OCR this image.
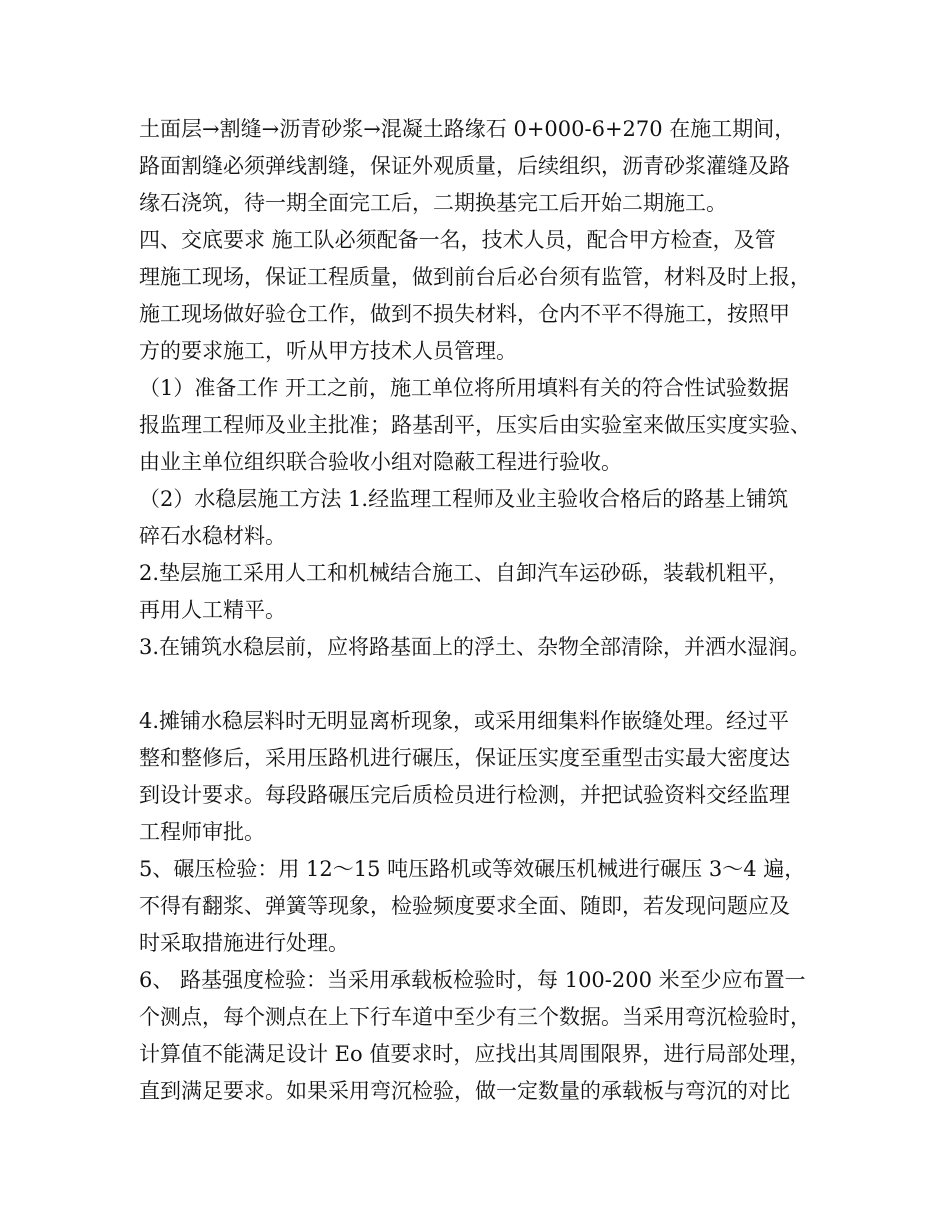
土面层→割缝→沥青砂浆→混凝土路缘石 0+000-6+270 在施工期间，
路面割缝必须弹线割缝，保证外观质量，后续组织，沥青砂浆灌缝及路
缘石浇筑，待一期全面完工后，二期换基完工后开始二期施工。
四、交底要求 施工队必须配备一名，技术人员，配合甲方检查，及管
理施工现场，保证工程质量，做到前台后必台须有监管，材料及时上报，
施工现场做好验仓工作，做到不损失材料，仓内不平不得施工，按照甲
方的要求施工，听从甲方技术人员管理。
（1）准备工作 开工之前，施工单位将所用填料有关的符合性试验数据
报监理工程师及业主批准；路基刮平，压实后由实验室来做压实度实验、
由业主单位组织联合验收小组对隐蔽工程进行验收。
（2）水稳层施工方法 1.经监理工程师及业主验收合格后的路基上铺筑
碎石水稳材料。
2.垫层施工采用人工和机械结合施工、自卸汽车运砂砾，装载机粗平，
再用人工精平。
3.在铺筑水稳层前，应将路基面上的浮土、杂物全部清除，并洒水湿润。
4.摊铺水稳层料时无明显离析现象，或采用细集料作嵌缝处理。经过平
整和整修后，采用压路机进行碾压，保证压实度至重型击实最大密度达
到设计要求。每段路碾压完后质检员进行检测，并把试验资料交经监理
工程师审批。
5、碾压检验：用 12～15 吨压路机或等效碾压机械进行碾压 3～4 遍，
不得有翻浆、弹簧等现象，检验频度要求全面、随即，若发现问题应及
时采取措施进行处理。
6、 路基强度检验：当采用承载板检验时，每 100-200 米至少应布置一
个测点，每个测点在上下行车道中至少有三个数据。当采用弯沉检验时，
计算值不能满足设计 Eo 值要求时，应找出其周围限界，进行局部处理，
直到满足要求。如果采用弯沉检验，做一定数量的承载板与弯沉的对比
